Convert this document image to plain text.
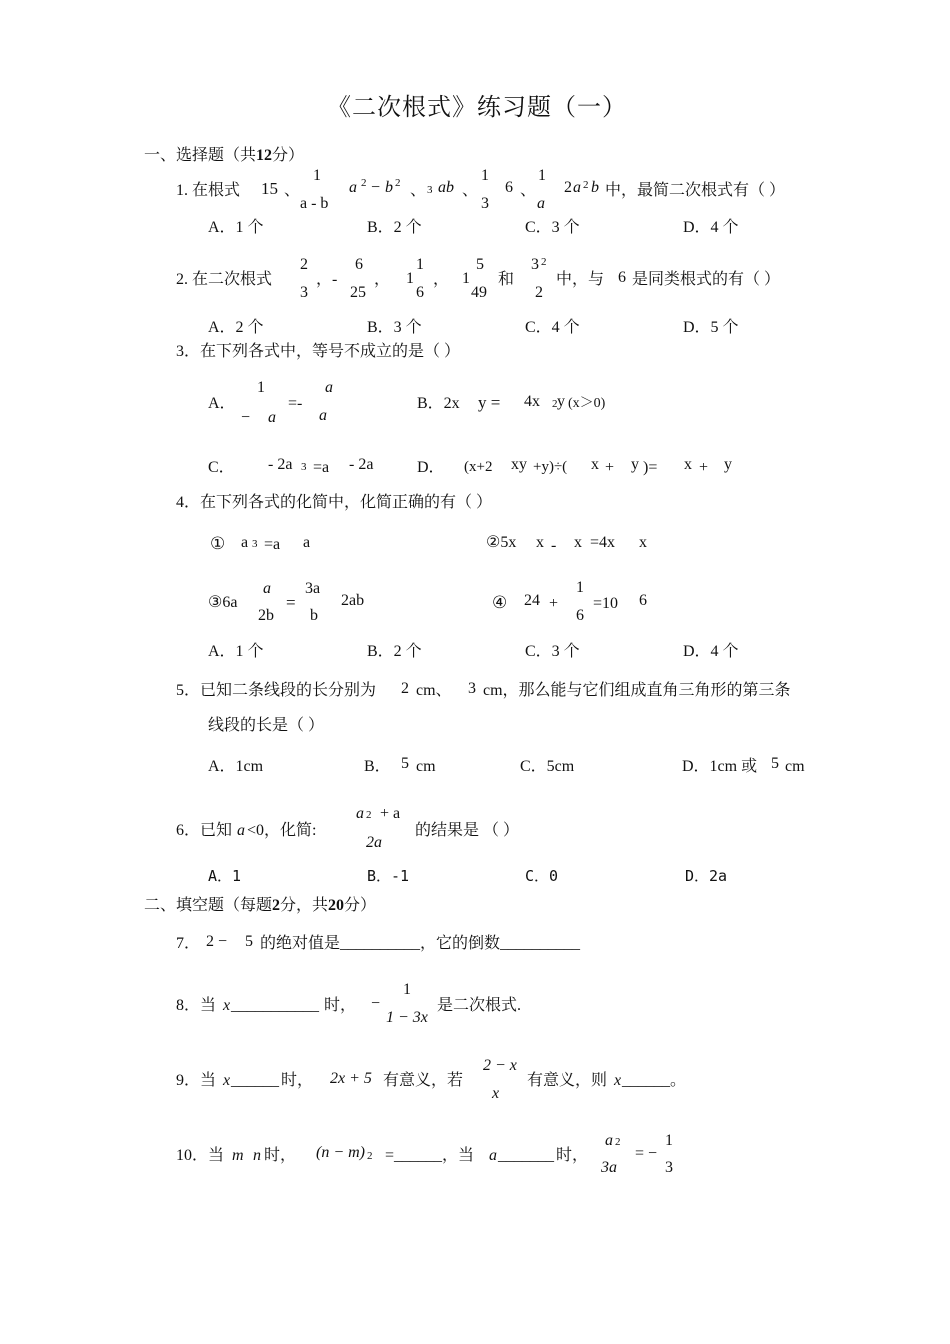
《二次根式》练习题（一）
一、选择题（共12分）
1. 在根式 15 、
1
a - b
a 2 − b 2 、 3 ab 、
1
3
6 、
1
a
2 a 2 b 中，最简二次根式有（ ）
A．1 个	B．2 个	C．3 个	D．4 个
2. 在二次根式
2
3
，-
6
25
， 1
1
6
， 1
5
49
和
3 2
2
中，与 6 是同类根式的有（ ）
A．2 个	B．3 个	C．4 个	D．5 个
3．在下列各式中，等号不成立的是（ ）
A．
1
− a
=-
a
a
B．2x y = 4x 2 y (x＞0)
C． - 2a 3 =a - 2a	D． (x+2 xy +y)÷( x + y )= x + y
4．在下列各式的化简中，化简正确的有（ ）
① a 3 =a a	②5x x - x =4x x
③6a
a
2b
=
3a
b
2ab	④ 24 +
1
6
=10 6
A．1 个	B．2 个	C．3 个	D．4 个
5．已知二条线段的长分别为 2 cm、 3 cm，那么能与它们组成直角三角形的第三条
线段的长是（ ）
A．1cm	B． 5 cm	C．5cm	D．1cm 或 5 cm
6．已知 a <0，化简:
a 2 + a
2a
的结果是 （ ）
A．1	B．-1	C．0	D．2a
二、填空题（每题2分，共20分）
7． 2 − 5 的绝对值是__________，它的倒数__________
8．当 x ___________ 时， −
1
1 − 3x
是二次根式.
9．当 x ______ 时， 2x + 5 有意义，若
2 − x
x
有意义，则 x ______。
10．当 m n 时， (n − m) 2 =______，当 a _______ 时，
a 2
3a
= −
1
3
